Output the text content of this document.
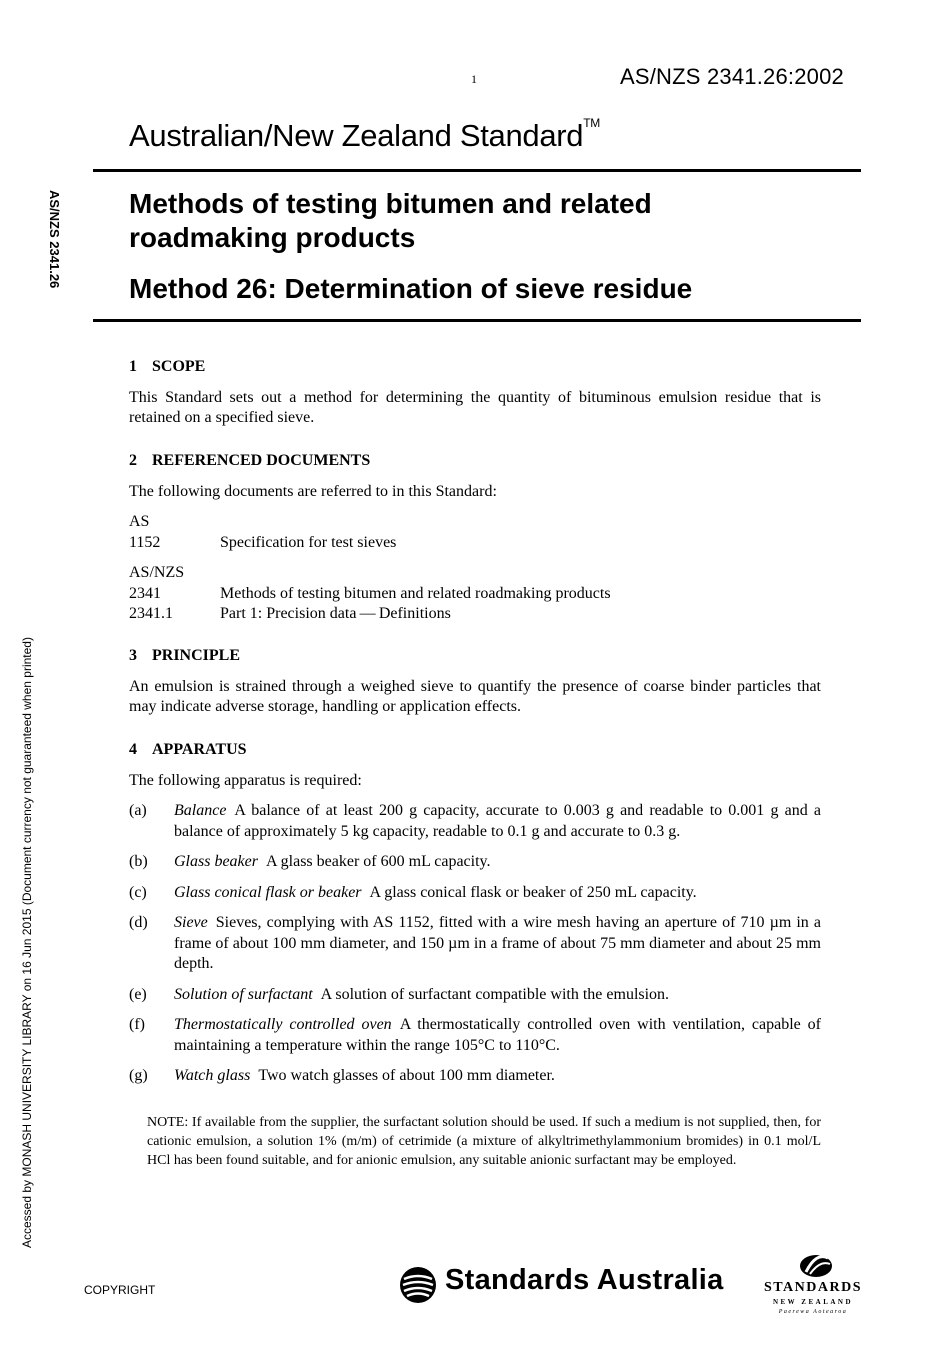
1	AS/NZS 2341.26:2002
Australian/New Zealand Standard™
Methods of testing bitumen and related
roadmaking products
Method 26: Determination of sieve residue
AS/NZS 2341.26
Accessed by MONASH UNIVERSITY LIBRARY on 16 Jun 2015 (Document currency not guaranteed when printed)
1 SCOPE
This Standard sets out a method for determining the quantity of bituminous emulsion residue that is retained on a specified sieve.
2 REFERENCED DOCUMENTS
The following documents are referred to in this Standard:
AS
1152	Specification for test sieves
AS/NZS
2341	Methods of testing bitumen and related roadmaking products
2341.1	Part 1: Precision data — Definitions
3 PRINCIPLE
An emulsion is strained through a weighed sieve to quantify the presence of coarse binder particles that may indicate adverse storage, handling or application effects.
4 APPARATUS
The following apparatus is required:
(a)	Balance A balance of at least 200 g capacity, accurate to 0.003 g and readable to 0.001 g and a balance of approximately 5 kg capacity, readable to 0.1 g and accurate to 0.3 g.
(b)	Glass beaker A glass beaker of 600 mL capacity.
(c)	Glass conical flask or beaker A glass conical flask or beaker of 250 mL capacity.
(d)	Sieve Sieves, complying with AS 1152, fitted with a wire mesh having an aperture of 710 µm in a frame of about 100 mm diameter, and 150 µm in a frame of about 75 mm diameter and about 25 mm depth.
(e)	Solution of surfactant A solution of surfactant compatible with the emulsion.
(f)	Thermostatically controlled oven A thermostatically controlled oven with ventilation, capable of maintaining a temperature within the range 105°C to 110°C.
(g)	Watch glass Two watch glasses of about 100 mm diameter.
NOTE: If available from the supplier, the surfactant solution should be used. If such a medium is not supplied, then, for cationic emulsion, a solution 1% (m/m) of cetrimide (a mixture of alkyltrimethylammonium bromides) in 0.1 mol/L HCl has been found suitable, and for anionic emulsion, any suitable anionic surfactant may be employed.
COPYRIGHT	Standards Australia	STANDARDS
NEW ZEALAND
Paerewa Aotearoa
